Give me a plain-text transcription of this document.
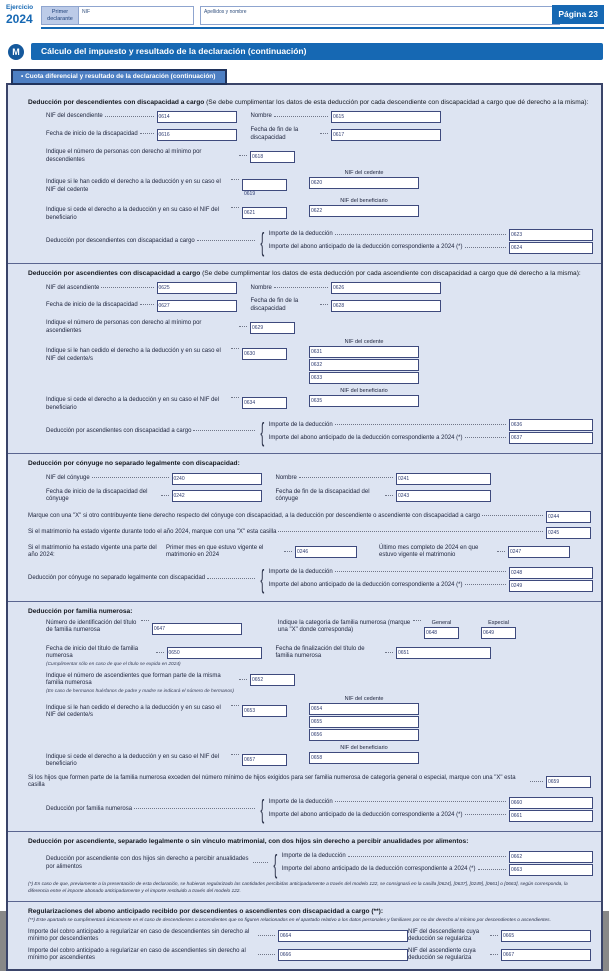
Ejercicio
2024	Primer declarante
NIF	Apellidos y nombre	Página 23
M	Cálculo del impuesto y resultado de la declaración (continuación)
• Cuota diferencial y resultado de la declaración (continuación)
Deducción por descendientes con discapacidad a cargo (Se debe cumplimentar los datos de esta deducción por cada descendiente con discapacidad a cargo que dé derecho a la misma):
NIF del descendiente	0614	Nombre	0615
Fecha de inicio de la discapacidad	0616
Fecha de fin de la discapacidad	0617
Indique el número de personas con derecho al mínimo por descendientes	0618
Indique si le han cedido el derecho a la deducción y en su caso el NIF del cedente
0619
NIF del cedente
0620
Indique si cede el derecho a la deducción y en su caso el NIF del beneficiario
0621
NIF del beneficiario
0622
Deducción por descendientes con discapacidad a cargo	{ Importe de la deducción	0623
Importe del abono anticipado de la deducción correspondiente a 2024 (*)	0624
Deducción por ascendientes con discapacidad a cargo (Se debe cumplimentar los datos de esta deducción por cada ascendiente con discapacidad a cargo que dé derecho a la misma):
NIF del ascendiente	0625	Nombre	0626
Fecha de inicio de la discapacidad	0627
Fecha de fin de la discapacidad	0628
Indique el número de personas con derecho al mínimo por ascendientes	0629
Indique si le han cedido el derecho a la deducción y en su caso el NIF del cedente/s
0630
NIF del cedente
0631
0632
0633
Indique si cede el derecho a la deducción y en su caso el NIF del beneficiario
0634
NIF del beneficiario
0635
Deducción por ascendientes con discapacidad a cargo	{ Importe de la deducción	0636
Importe del abono anticipado de la deducción correspondiente a 2024 (*)	0637
Deducción por cónyuge no separado legalmente con discapacidad:
NIF del cónyuge	0240	Nombre	0241
Fecha de inicio de la discapacidad del cónyuge	0242
Fecha de fin de la discapacidad del cónyuge	0243
Marque con una "X" si otro contribuyente tiene derecho respecto del cónyuge con discapacidad, a la deducción por descendiente o ascendiente con discapacidad a cargo	0244
Si el matrimonio ha estado vigente durante todo el año 2024, marque con una "X" esta casilla	0245
Si el matrimonio ha estado vigente una parte del año 2024:
Primer mes en que estuvo vigente el matrimonio en 2024	0246
Último mes completo de 2024 en que estuvo vigente el matrimonio	0247
Deducción por cónyuge no separado legalmente con discapacidad { Importe de la deducción	0248
Importe del abono anticipado de la deducción correspondiente a 2024 (*)	0249
Deducción por familia numerosa:
Número de identificación del título de familia numerosa	0647
Indique la categoría de familia numerosa (marque una "X" donde corresponda)
General
0648
Especial
0649
Fecha de inicio del título de familia numerosa	0650
Fecha de finalización del título de familia numerosa	0651
(Cumplimentar sólo en caso de que el título se expida en 2024)
Indique el número de ascendientes que forman parte de la misma familia numerosa	0652
(En caso de hermanos huérfanos de padre y madre se indicará el número de hermanos)
Indique si le han cedido el derecho a la deducción y en su caso el NIF del cedente/s
0653
NIF del cedente
0654
0655
0656
Indique si cede el derecho a la deducción y en su caso el NIF del beneficiario
0657
NIF del beneficiario
0658
Si los hijos que formen parte de la familia numerosa exceden del número mínimo de hijos exigidos para ser familia numerosa de categoría general o especial, marque con una "X" esta casilla	0659
Deducción por familia numerosa	{ Importe de la deducción	0660
Importe del abono anticipado de la deducción correspondiente a 2024 (*)	0661
Deducción por ascendiente, separado legalmente o sin vínculo matrimonial, con dos hijos sin derecho a percibir anualidades por alimentos:
Deducción por ascendiente con dos hijos sin derecho a percibir anualidades por alimentos	{ Importe de la deducción	0662
Importe del abono anticipado de la deducción correspondiente a 2024 (*)	0663
(*) En caso de que, previamente a la presentación de esta declaración, se hubieran regularizado las cantidades percibidas anticipadamente a través del modelo 122, se consignará en la casilla [0624], [0637], [0249], [0661] o [0663], según corresponda, la diferencia entre el importe abonado anticipadamente y el importe restituido a través del modelo 122.
Regularizaciones del abono anticipado recibido por descendientes o ascendientes con discapacidad a cargo (**):
(**) Este apartado se cumplimentará únicamente en el caso de descendientes o ascendientes que no figuren relacionados en el apartado relativo a los datos personales y familiares por no dar derecho al mínimo por descendientes o ascendientes.
Importe del cobro anticipado a regularizar en caso de descendientes sin derecho al mínimo por descendientes	0664
NIF del descendiente cuya deducción se regulariza	0665
Importe del cobro anticipado a regularizar en caso de ascendientes sin derecho al mínimo por ascendientes	0666
NIF del ascendiente cuya deducción se regulariza	0667
